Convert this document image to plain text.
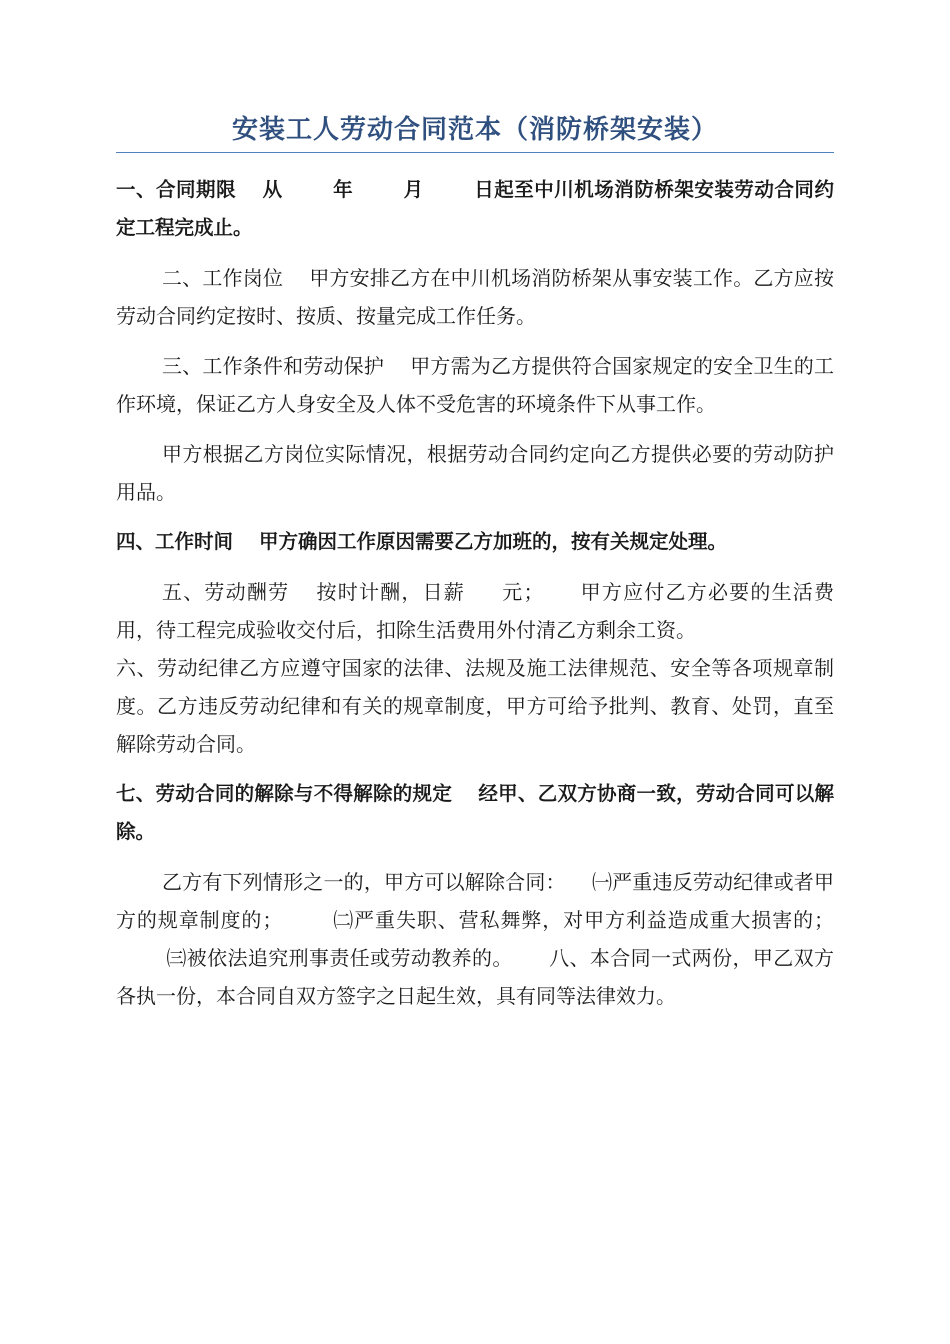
安装工人劳动合同范本（消防桥架安装）

一、合同期限 从	年	月	日起至中川机场消防桥架安装劳动合同约定工程完成止。

二、工作岗位 甲方安排乙方在中川机场消防桥架从事安装工作。乙方应按劳动合同约定按时、按质、按量完成工作任务。

三、工作条件和劳动保护 甲方需为乙方提供符合国家规定的安全卫生的工作环境，保证乙方人身安全及人体不受危害的环境条件下从事工作。

甲方根据乙方岗位实际情况，根据劳动合同约定向乙方提供必要的劳动防护用品。

四、工作时间 甲方确因工作原因需要乙方加班的，按有关规定处理。

五、劳动酬劳 按时计酬，日薪 元； 甲方应付乙方必要的生活费用，待工程完成验收交付后，扣除生活费用外付清乙方剩余工资。

六、劳动纪律乙方应遵守国家的法律、法规及施工法律规范、安全等各项规章制度。乙方违反劳动纪律和有关的规章制度，甲方可给予批判、教育、处罚，直至解除劳动合同。

七、劳动合同的解除与不得解除的规定 经甲、乙双方协商一致，劳动合同可以解除。

乙方有下列情形之一的，甲方可以解除合同： ㈠严重违反劳动纪律或者甲方的规章制度的；	㈡严重失职、营私舞弊，对甲方利益造成重大损害的；㈢被依法追究刑事责任或劳动教养的。 八、本合同一式两份，甲乙双方各执一份，本合同自双方签字之日起生效，具有同等法律效力。
